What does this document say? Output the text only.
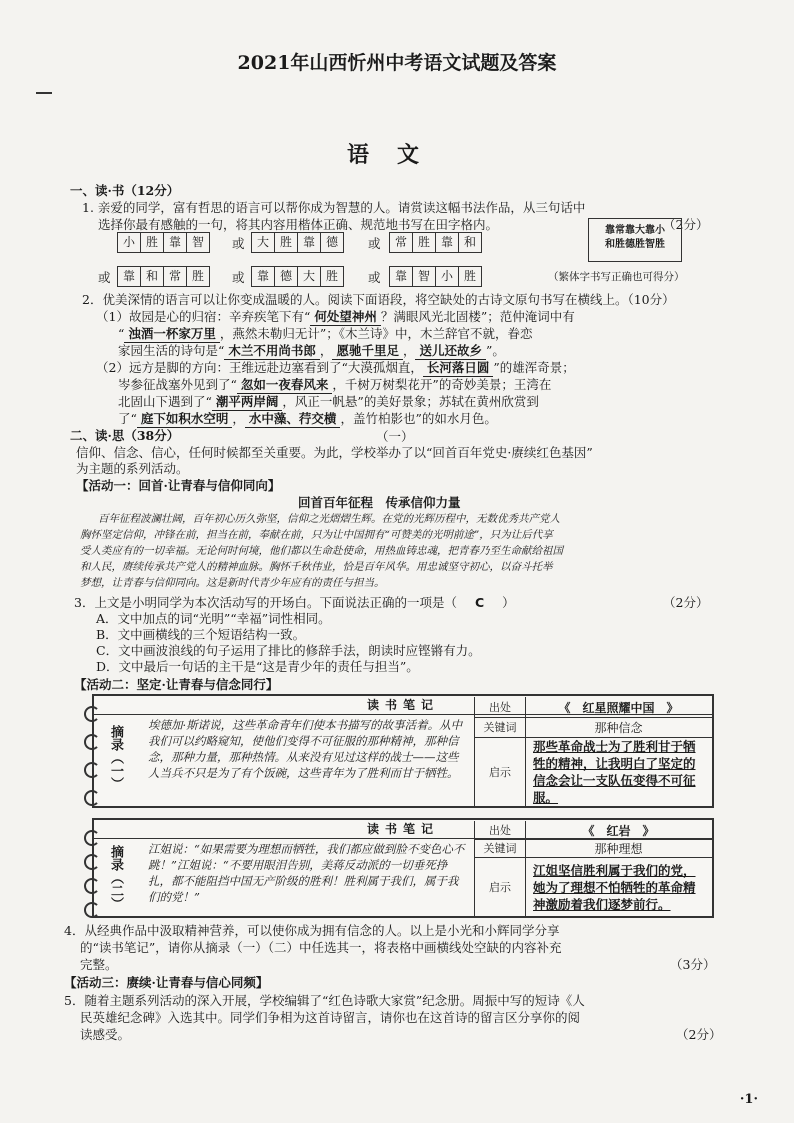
2021年山西忻州中考语文试题及答案
语文
一、读·书（12分）
1. 亲爱的同学，富有哲思的语言可以帮你成为智慧的人。请赏读这幅书法作品，从三句话中
选择你最有感触的一句，将其内容用楷体正确、规范地书写在田字格内。	（2分）
小 胜 靠 智	或	大 胜 靠 德	或	常 胜 靠 和
或	靠 和 常 胜	或	靠 德 大 胜	或	靠 智 小 胜
靠常靠大靠小
和胜德胜智胜
（繁体字书写正确也可得分）
2．优美深情的语言可以让你变成温暖的人。阅读下面语段，将空缺处的古诗文原句书写在横线上。（10分）
（1）故园是心的归宿：辛弃疾笔下有“ 何处望神州 ？满眼风光北固楼”；范仲淹词中有
“ 浊酒一杯家万里 ，燕然未勒归无计”；《木兰诗》中，木兰辞官不就，眷恋
家园生活的诗句是“ 木兰不用尚书郎 ， 愿驰千里足 ， 送儿还故乡 ”。
（2）远方是脚的方向：王维远赴边塞看到了“大漠孤烟直， 长河落日圆 ”的雄浑奇景；
岑参征战塞外见到了“ 忽如一夜春风来 ，千树万树梨花开”的奇妙美景；王湾在
北固山下遇到了“ 潮平两岸阔 ，风正一帆悬”的美好景象；苏轼在黄州欣赏到
了“ 庭下如积水空明 ， 水中藻、荇交横 ，盖竹柏影也”的如水月色。
二、读·思（38分）	（一）
信仰、信念、信心，任何时候都至关重要。为此，学校举办了以“回首百年党史·赓续红色基因”
为主题的系列活动。
【活动一：回首·让青春与信仰同向】
回首百年征程　传承信仰力量
百年征程波澜壮阔，百年初心历久弥坚，信仰之光熠熠生辉。在党的光辉历程中，无数优秀共产党人
胸怀坚定信仰，冲锋在前，担当在前，奉献在前，只为让中国拥有“可赞美的光明前途”，只为让后代享
受人类应有的一切幸福。无论何时何境，他们都以生命赴使命，用热血铸忠魂，把青春乃至生命献给祖国
和人民，赓续传承共产党人的精神血脉。胸怀千秋伟业，恰是百年风华。用忠诚坚守初心，以奋斗托举
梦想，让青春与信仰同向。这是新时代青少年应有的责任与担当。
3．上文是小明同学为本次活动写的开场白。下面说法正确的一项是（ C ）	（2分）
A．文中加点的词“光明”“幸福”词性相同。
B．文中画横线的三个短语结构一致。
C．文中画波浪线的句子运用了排比的修辞手法，朗读时应铿锵有力。
D．文中最后一句话的主干是“这是青少年的责任与担当”。
【活动二：坚定·让青春与信念同行】
读书笔记
摘录（一） 埃德加·斯诺说，这些革命青年们使本书描写的故事活着。从中我们可以约略窥知，使他们变得不可征服的那种精神，那种信念，那种力量，那种热情。从来没有见过这样的战士——这些人当兵不只是为了有个饭碗，这些青年为了胜利而甘于牺牲。
出处	《　红星照耀中国　》
关键词	那种信念
启示
那些革命战士为了胜利甘于牺牲的精神，让我明白了坚定的信念会让一支队伍变得不可征服。
读书笔记
摘录（二） 江姐说：“如果需要为理想而牺牲，我们都应做到脸不变色心不跳！”江姐说：“不要用眼泪告别，美蒋反动派的一切垂死挣扎，都不能阻挡中国无产阶级的胜利！胜利属于我们，属于我们的党！”
出处	《　红岩　》
关键词	那种理想
启示
江姐坚信胜利属于我们的党，她为了理想不怕牺牲的革命精神激励着我们逐梦前行。
4．从经典作品中汲取精神营养，可以使你成为拥有信念的人。以上是小光和小辉同学分享
的“读书笔记”，请你从摘录（一）（二）中任选其一，将表格中画横线处空缺的内容补充
完整。	（3分）
【活动三：赓续·让青春与信心同频】
5．随着主题系列活动的深入开展，学校编辑了“红色诗歌大家赏”纪念册。周振中写的短诗《人
民英雄纪念碑》入选其中。同学们争相为这首诗留言，请你也在这首诗的留言区分享你的阅
读感受。	（2分）
·1·
